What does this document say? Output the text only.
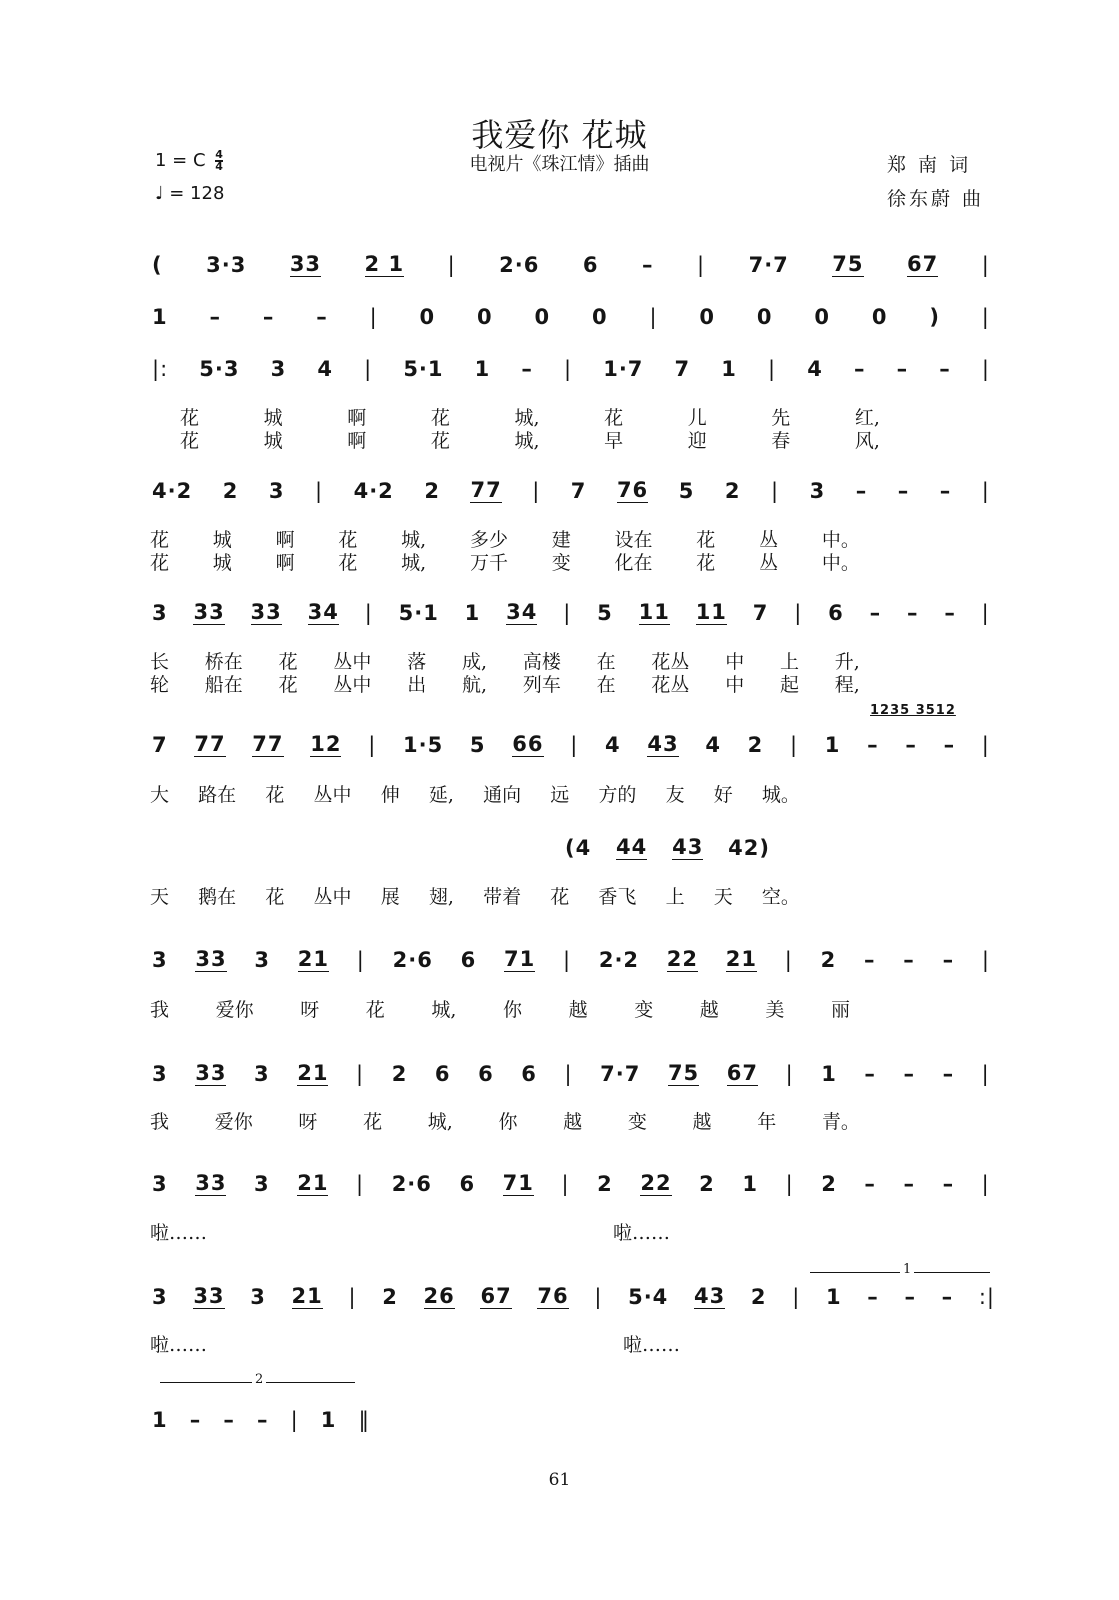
我爱你 花城
电视片《珠江情》插曲	郑 南 词
徐东蔚 曲
1 = C $\frac{4}{4}$
♩ = 128
( 3·3 33 2 1 | 2·6 6 – | 7·7 75 67 |
1 – – – | 0 0 0 0 | 0 0 0 0 ) |
|: 5·3 3 4 | 5·1 1 – | 1·7 7 1 | 4 – – – |
4·2 2 3 | 4·2 2 77 | 7 76 5 2 | 3 – – – |
3 33 33 34 | 5·1 1 34 | 5 11 11 7 | 6 – – – |
7 77 77 12 | 1·5 5 66 | 4 43 4 2 | 1 – – – |
(4 44 43 42)
3 33 3 21 | 2·6 6 71 | 2·2 22 21 | 2 – – – |
3 33 3 21 | 2 6 6 6 | 7·7 75 67 | 1 – – – |
3 33 3 21 | 2·6 6 71 | 2 22 2 1 | 2 – – – |
3 33 3 21 | 2 26 67 76 | 5·4 43 2 | 1 – – – :|
1 – – – | 1 ‖
1235 3512
1
2
花	城	啊	花	城,	花	儿	先	红,
花	城	啊	花	城,	早	迎	春	风,
花 城 啊 花 城, 多少 建 设在 花 丛 中。
花 城 啊 花 城, 万千 变 化在 花 丛 中。
长 桥在 花 丛中 落 成, 高楼 在 花丛 中 上 升,
轮 船在 花 丛中 出 航, 列车 在 花丛 中 起 程,
大 路在 花 丛中 伸 延, 通向 远 方的 友 好 城。
天 鹅在 花 丛中 展 翅, 带着 花 香飞 上 天 空。
我 爱你 呀 花 城, 你 越 变 越 美 丽
我 爱你 呀 花 城, 你 越 变 越 年 青。
啦……	啦……
啦……	啦……
61
